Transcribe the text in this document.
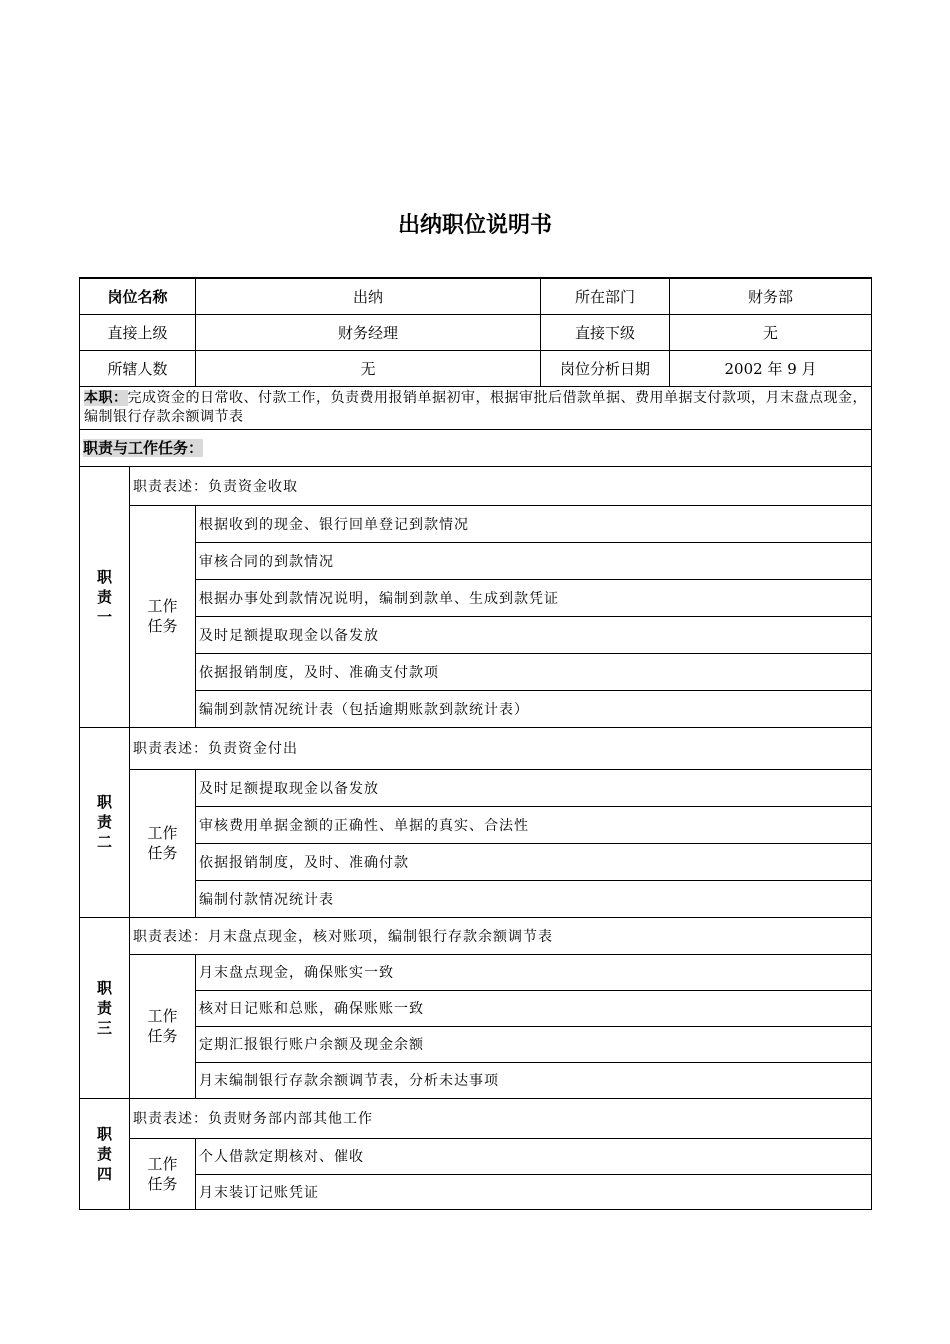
出纳职位说明书
岗位名称		出纳	所在部门	财务部
直接上级		财务经理	直接下级	无
所辖人数		无	岗位分析日期	2002 年 9 月
本职：完成资金的日常收、付款工作，负责费用报销单据初审，根据审批后借款单据、费用单据支付款项，月末盘点现金，编制银行存款余额调节表				
职责与工作任务：				
职
责
一	职责表述：负责资金收取			
	工作
任务	根据收到的现金、银行回单登记到款情况		
		审核合同的到款情况		
		根据办事处到款情况说明，编制到款单、生成到款凭证		
		及时足额提取现金以备发放		
		依据报销制度，及时、准确支付款项		
		编制到款情况统计表（包括逾期账款到款统计表）		
职
责
二	职责表述：负责资金付出			
	工作
任务	及时足额提取现金以备发放		
		审核费用单据金额的正确性、单据的真实、合法性		
		依据报销制度，及时、准确付款		
		编制付款情况统计表		
职
责
三	职责表述：月末盘点现金，核对账项，编制银行存款余额调节表			
	工作
任务	月末盘点现金，确保账实一致		
		核对日记账和总账，确保账账一致		
		定期汇报银行账户余额及现金余额		
		月末编制银行存款余额调节表，分析未达事项		
职
责
四	职责表述：负责财务部内部其他工作			
	工作
任务	个人借款定期核对、催收		
		月末装订记账凭证		
